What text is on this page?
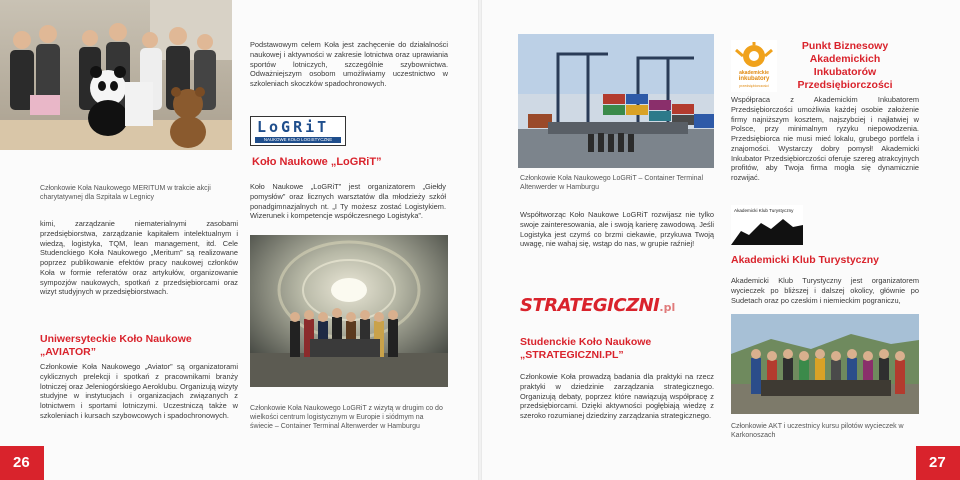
Podstawowym celem Koła jest zachęcenie do działalności naukowej i aktywności w zakresie lotnictwa oraz uprawiania sportów lotniczych, szczególnie szybownictwa. Odważniejszym osobom umożliwiamy uczestnictwo w szkoleniach skoczków spadochronowych.
LoGRiT
NAUKOWE KOŁO LOGISTYCZNE
Członkowie Koła Naukowego MERITUM w trakcie akcji charytatywnej dla Szpitala w Legnicy
kimi, zarządzanie niematerialnymi zasobami przedsiębiorstwa, zarządzanie kapitałem intelektualnym i wiedzą, logistyka, TQM, lean management, itd. Cele Studenckiego Koła Naukowego „Meritum” są realizowane poprzez publikowanie efektów pracy naukowej członków Koła w formie referatów oraz artykułów, organizowanie sympozjów naukowych, spotkań z przedsiębiorcami oraz wizyt studyjnych w przedsiębiorstwach.
Koło Naukowe „LoGRiT”
Koło Naukowe „LoGRiT” jest organizatorem „Giełdy pomysłów” oraz licznych warsztatów dla młodzieży szkół ponadgimnazjalnych nt. „I Ty możesz zostać Logistykiem. Wizerunek i kompetencje współczesnego Logistyka”.
Uniwersyteckie Koło Naukowe
„AVIATOR”
Członkowie Koła Naukowego „Aviator” są organizatorami cyklicznych prelekcji i spotkań z pracownikami branży lotniczej oraz Jeleniogórskiego Aeroklubu. Organizują wizyty studyjne w instytucjach i organizacjach związanych z lotnictwem i sportami lotniczymi. Uczestniczą także w szkoleniach i kursach szybowcowych i spadochronowych.
Członkowie Koła Naukowego LoGRiT z wizytą w drugim co do wielkości centrum logistycznym w Europie i siódmym na świecie – Container Terminal Altenwerder w Hamburgu
26
Członkowie Koła Naukowego LoGRiT – Container Terminal Altenwerder w Hamburgu
Współtworząc Koło Naukowe LoGRiT rozwijasz nie tylko swoje zainteresowania, ale i swoją karierę zawodową. Jeśli Logistyka jest czymś co brzmi ciekawie, przykuwa Twoją uwagę, nie wahaj się, wstąp do nas, w grupie raźniej!
STRATEGICZNI.pl
Studenckie Koło Naukowe
„STRATEGICZNI.PL”
Członkowie Koła prowadzą badania dla praktyki na rzecz praktyki w dziedzinie zarządzania strategicznego. Organizują debaty, poprzez które nawiązują współpracę z przedsiębiorcami. Dzięki aktywności pogłębiają wiedzę z szeroko rozumianej dziedziny zarządzania strategicznego.
akademickie
inkubatory
przedsiębiorczości
Punkt Biznesowy
Akademickich Inkubatorów
Przedsiębiorczości
Współpraca z Akademickim Inkubatorem Przedsiębiorczości umożliwia każdej osobie założenie firmy najniższym kosztem, najszybciej i najłatwiej w Polsce, przy minimalnym ryzyku niepowodzenia. Przedsiębiorca nie musi mieć lokalu, grubego portfela i znajomości. Wystarczy dobry pomysł! Akademicki Inkubator Przedsiębiorczości oferuje szereg atrakcyjnych profitów, aby Twoja firma mogła się dynamicznie rozwijać.
Akademicki Klub Turystyczny
Akademicki Klub Turystyczny
Akademicki Klub Turystyczny jest organizatorem wycieczek po bliższej i dalszej okolicy, głównie po Sudetach oraz po czeskim i niemieckim pograniczu,
Członkowie AKT i uczestnicy kursu pilotów wycieczek w Karkonoszach
27
